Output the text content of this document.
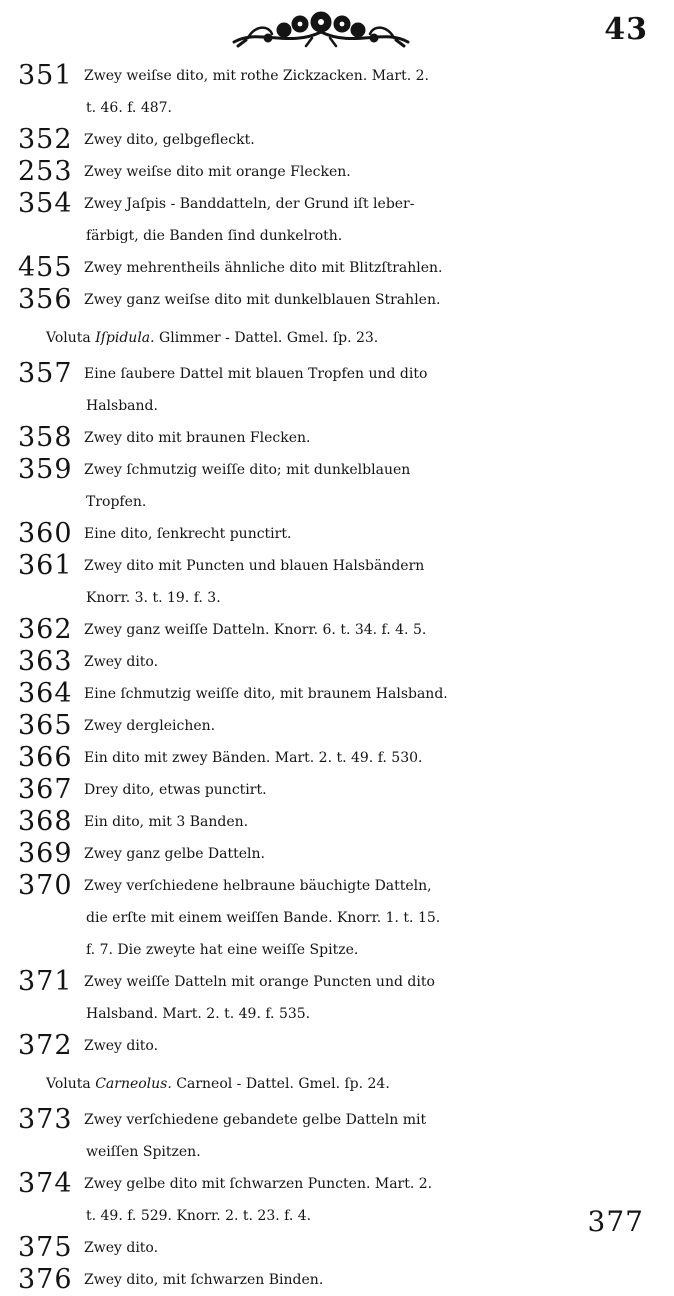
43
351 Zwey weiſse dito, mit rothe Zickzacken. Mart. 2.
t. 46. f. 487.
352 Zwey dito, gelbgefleckt.
253 Zwey weiſse dito mit orange Flecken.
354 Zwey Jaſpis - Banddatteln, der Grund iſt leber-
färbigt, die Banden ſind dunkelroth.
455 Zwey mehrentheils ähnliche dito mit Blitzſtrahlen.
356 Zwey ganz weiſse dito mit dunkelblauen Strahlen.
Voluta Iſpidula. Glimmer - Dattel. Gmel. ſp. 23.
357 Eine ſaubere Dattel mit blauen Tropfen und dito
Halsband.
358 Zwey dito mit braunen Flecken.
359 Zwey ſchmutzig weiſſe dito; mit dunkelblauen
Tropfen.
360 Eine dito, ſenkrecht punctirt.
361 Zwey dito mit Puncten und blauen Halsbändern
Knorr. 3. t. 19. f. 3.
362 Zwey ganz weiſſe Datteln. Knorr. 6. t. 34. f. 4. 5.
363 Zwey dito.
364 Eine ſchmutzig weiſſe dito, mit braunem Halsband.
365 Zwey dergleichen.
366 Ein dito mit zwey Bänden. Mart. 2. t. 49. f. 530.
367 Drey dito, etwas punctirt.
368 Ein dito, mit 3 Banden.
369 Zwey ganz gelbe Datteln.
370 Zwey verſchiedene helbraune bäuchigte Datteln,
die erſte mit einem weiſſen Bande. Knorr. 1. t. 15.
f. 7. Die zweyte hat eine weiſſe Spitze.
371 Zwey weiſſe Datteln mit orange Puncten und dito
Halsband. Mart. 2. t. 49. f. 535.
372 Zwey dito.
Voluta Carneolus. Carneol - Dattel. Gmel. ſp. 24.
373 Zwey verſchiedene gebandete gelbe Datteln mit
weiſſen Spitzen.
374 Zwey gelbe dito mit ſchwarzen Puncten. Mart. 2.
t. 49. f. 529. Knorr. 2. t. 23. f. 4.
375 Zwey dito.
376 Zwey dito, mit ſchwarzen Binden.
377
